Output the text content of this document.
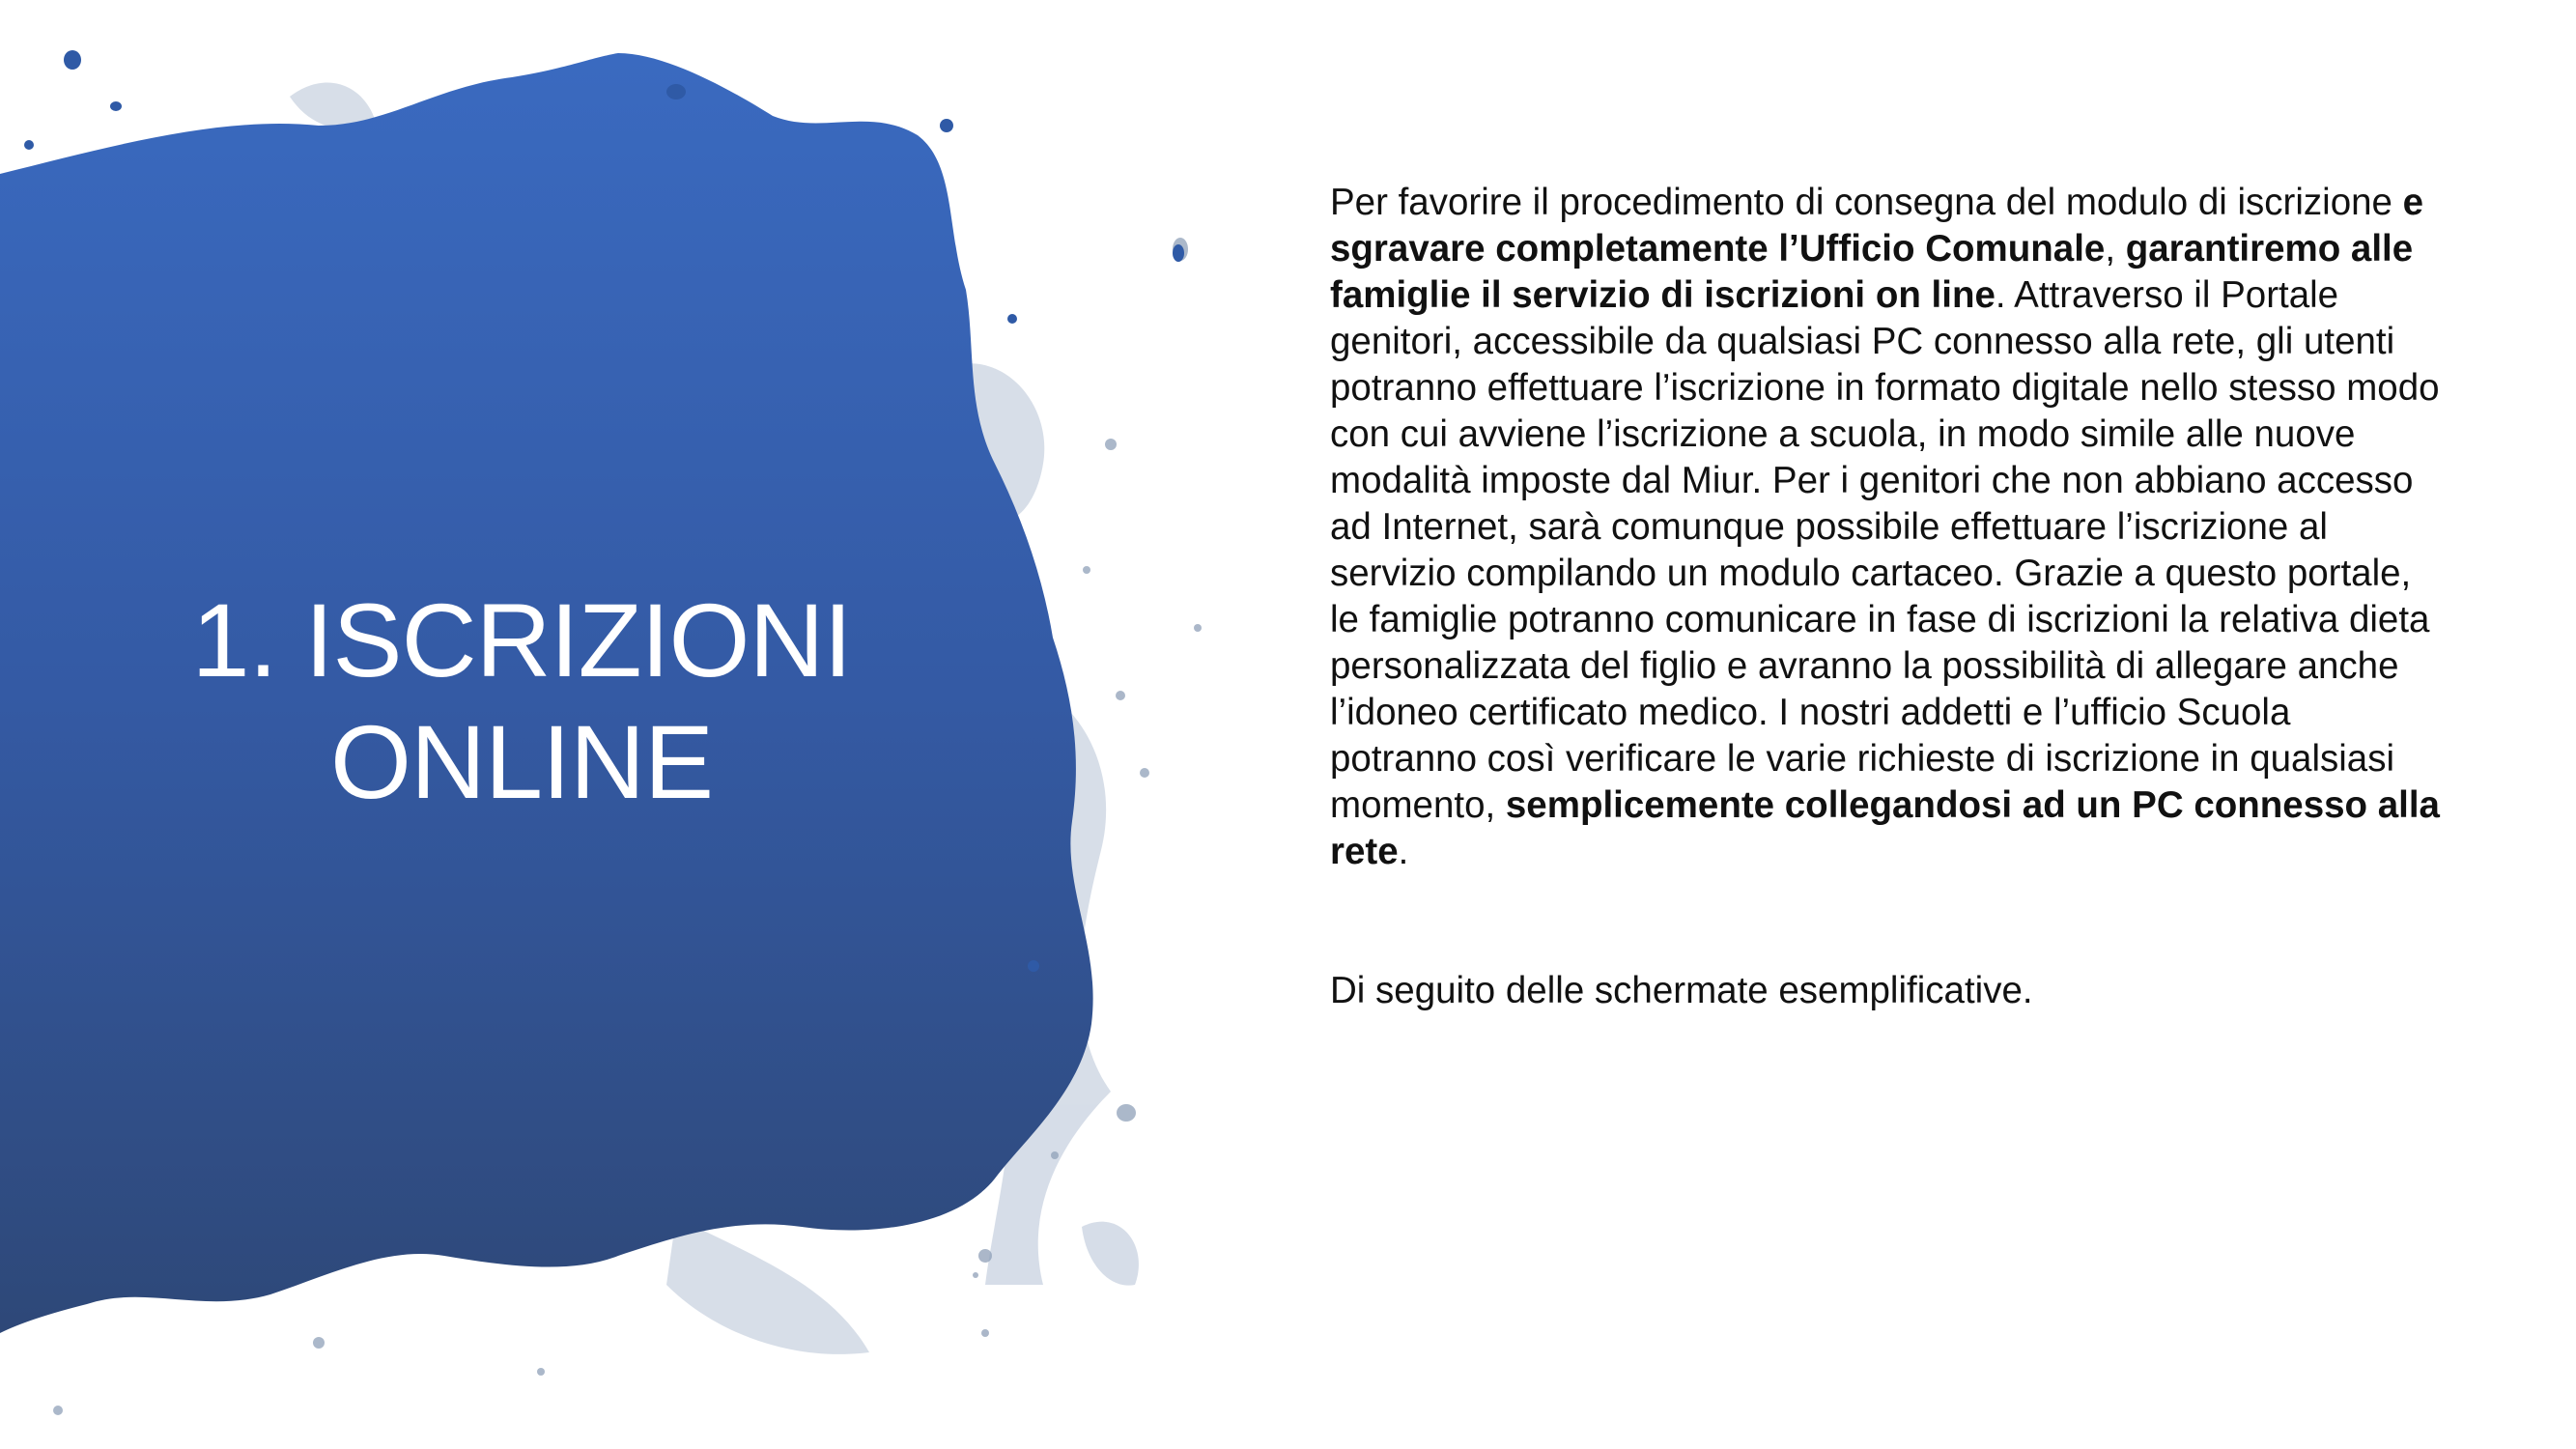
1. ISCRIZIONI
ONLINE

Per favorire il procedimento di consegna del modulo di iscrizione e sgravare completamente l’Ufficio Comunale, garantiremo alle famiglie il servizio di iscrizioni on line. Attraverso il Portale genitori, accessibile da qualsiasi PC connesso alla rete, gli utenti potranno effettuare l’iscrizione in formato digitale nello stesso modo con cui avviene l’iscrizione a scuola, in modo simile alle nuove modalità imposte dal Miur. Per i genitori che non abbiano accesso ad Internet, sarà comunque possibile effettuare l’iscrizione al servizio compilando un modulo cartaceo. Grazie a questo portale, le famiglie potranno comunicare in fase di iscrizioni la relativa dieta personalizzata del figlio e avranno la possibilità di allegare anche l’idoneo certificato medico. I nostri addetti e l’ufficio Scuola potranno così verificare le varie richieste di iscrizione in qualsiasi momento, semplicemente collegandosi ad un PC connesso alla rete.

Di seguito delle schermate esemplificative.
